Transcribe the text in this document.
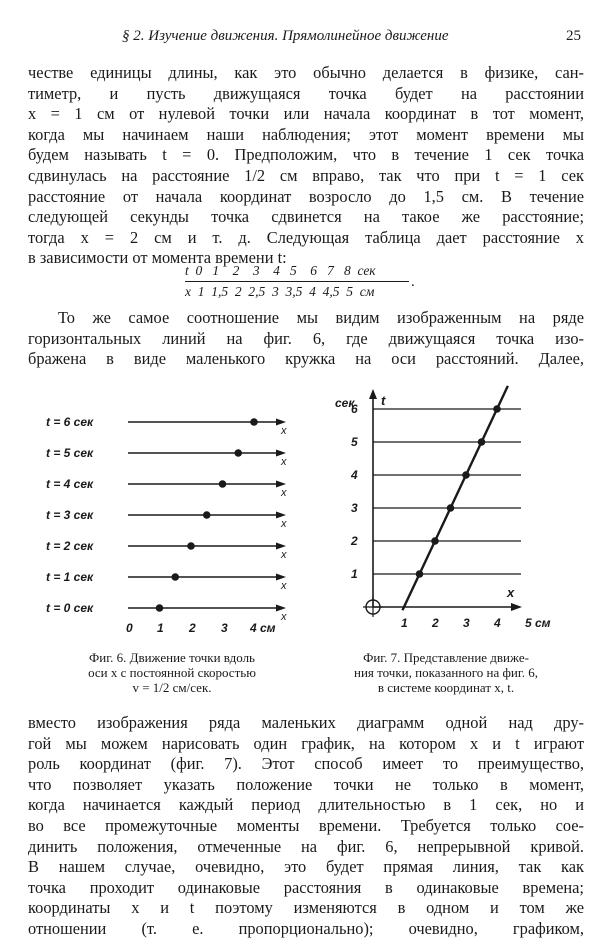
§ 2. Изучение движения. Прямолинейное движение	25
честве единицы длины, как это обычно делается в физике, сан-
тиметр, и пусть движущаяся точка будет на расстоянии
x = 1 см от нулевой точки или начала координат в тот момент,
когда мы начинаем наши наблюдения; этот момент времени мы
будем называть t = 0. Предположим, что в течение 1 сек точка
сдвинулась на расстояние 1/2 см вправо, так что при t = 1 сек
расстояние от начала координат возросло до 1,5 см. В течение
следующей секунды точка сдвинется на такое же расстояние;
тогда x = 2 см и т. д. Следующая таблица дает расстояние x
в зависимости от момента времени t:
t  0   1    2    3    4   5    6   7   8  сек
x  1  1,5  2  2,5  3  3,5  4  4,5  5  см
.
То же самое соотношение мы видим изображенным на ряде
горизонтальных линий на фиг. 6, где движущаяся точка изо-
бражена в виде маленького кружка на оси расстояний. Далее,
t = 6 сек
x
t = 5 сек
x
t = 4 сек
x
t = 3 сек
x
t = 2 сек
x
t = 1 сек
x
t = 0 сек
x
0 1 2 3 4 см
Фиг. 6. Движение точки вдоль
оси x с постоянной скоростью
v = 1/2 см/сек.
сек t
x
1
2
3
4
5
6
1 2 3 4 5 см
Фиг. 7. Представление движе-
ния точки, показанного на фиг. 6,
в системе координат x, t.
вместо изображения ряда маленьких диаграмм одной над дру-
гой мы можем нарисовать один график, на котором x и t играют
роль координат (фиг. 7). Этот способ имеет то преимущество,
что позволяет указать положение точки не только в момент,
когда начинается каждый период длительностью в 1 сек, но и
во все промежуточные моменты времени. Требуется только сое-
динить положения, отмеченные на фиг. 6, непрерывной кривой.
В нашем случае, очевидно, это будет прямая линия, так как
точка проходит одинаковые расстояния в одинаковые времена;
координаты x и t поэтому изменяются в одном и том же
отношении (т. е. пропорционально); очевидно, графиком,
